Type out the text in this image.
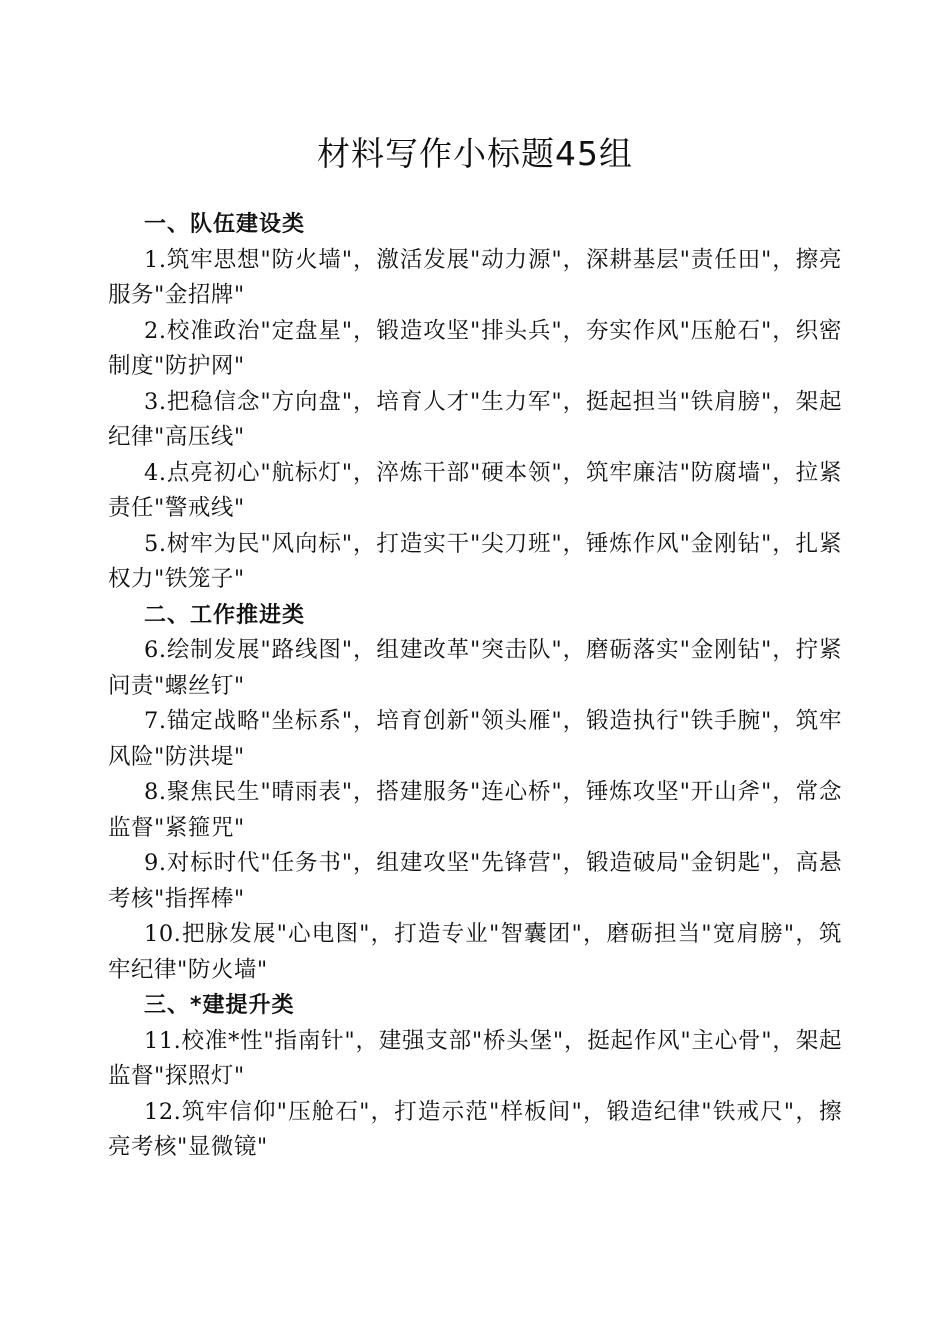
材料写作小标题45组

一、队伍建设类

1.筑牢思想"防火墙"，激活发展"动力源"，深耕基层"责任田"，擦亮服务"金招牌"

2.校准政治"定盘星"，锻造攻坚"排头兵"，夯实作风"压舱石"，织密制度"防护网"

3.把稳信念"方向盘"，培育人才"生力军"，挺起担当"铁肩膀"，架起纪律"高压线"

4.点亮初心"航标灯"，淬炼干部"硬本领"，筑牢廉洁"防腐墙"，拉紧责任"警戒线"

5.树牢为民"风向标"，打造实干"尖刀班"，锤炼作风"金刚钻"，扎紧权力"铁笼子"

二、工作推进类

6.绘制发展"路线图"，组建改革"突击队"，磨砺落实"金刚钻"，拧紧问责"螺丝钉"

7.锚定战略"坐标系"，培育创新"领头雁"，锻造执行"铁手腕"，筑牢风险"防洪堤"

8.聚焦民生"晴雨表"，搭建服务"连心桥"，锤炼攻坚"开山斧"，常念监督"紧箍咒"

9.对标时代"任务书"，组建攻坚"先锋营"，锻造破局"金钥匙"，高悬考核"指挥棒"

10.把脉发展"心电图"，打造专业"智囊团"，磨砺担当"宽肩膀"，筑牢纪律"防火墙"

三、*建提升类

11.校准*性"指南针"，建强支部"桥头堡"，挺起作风"主心骨"，架起监督"探照灯"

12.筑牢信仰"压舱石"，打造示范"样板间"，锻造纪律"铁戒尺"，擦亮考核"显微镜"
